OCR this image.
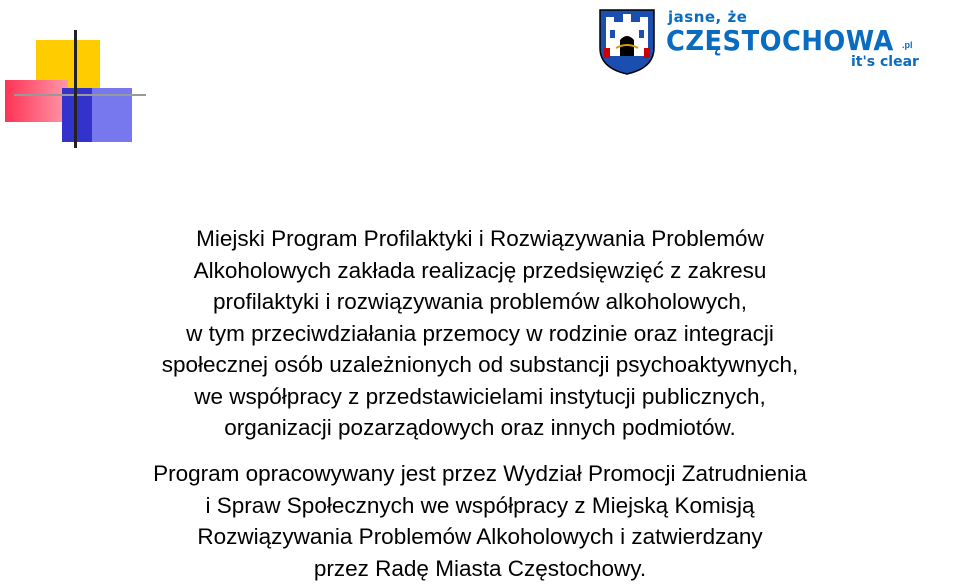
jasne, że
CZĘSTOCHOWA .pl
it's clear

Miejski Program Profilaktyki i Rozwiązywania Problemów
Alkoholowych zakłada realizację przedsięwzięć z zakresu
profilaktyki i rozwiązywania problemów alkoholowych,
w tym przeciwdziałania przemocy w rodzinie oraz integracji
społecznej osób uzależnionych od substancji psychoaktywnych,
we współpracy z przedstawicielami instytucji publicznych,
organizacji pozarządowych oraz innych podmiotów.

Program opracowywany jest przez Wydział Promocji Zatrudnienia
i Spraw Społecznych we współpracy z Miejską Komisją
Rozwiązywania Problemów Alkoholowych i zatwierdzany
przez Radę Miasta Częstochowy.
